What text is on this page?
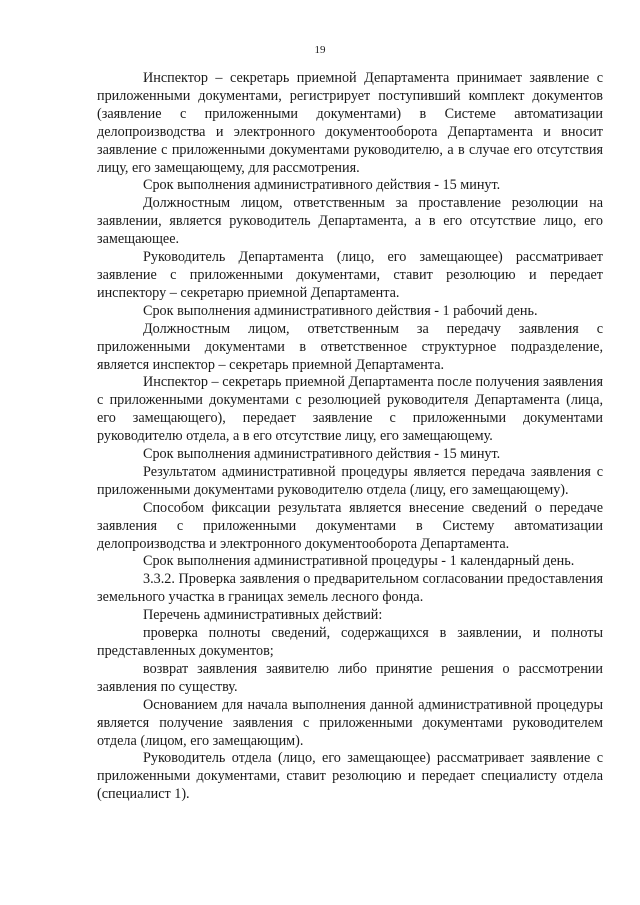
19

Инспектор – секретарь приемной Департамента принимает заявление с приложенными документами, регистрирует поступивший комплект документов (заявление с приложенными документами) в Системе автоматизации делопроизводства и электронного документооборота Департамента и вносит заявление с приложенными документами руководителю, а в случае его отсутствия лицу, его замещающему, для рассмотрения.

Срок выполнения административного действия - 15 минут.

Должностным лицом, ответственным за проставление резолюции на заявлении, является руководитель Департамента, а в его отсутствие лицо, его замещающее.

Руководитель Департамента (лицо, его замещающее) рассматривает заявление с приложенными документами, ставит резолюцию и передает инспектору – секретарю приемной Департамента.

Срок выполнения административного действия - 1 рабочий день.

Должностным лицом, ответственным за передачу заявления с приложенными документами в ответственное структурное подразделение, является инспектор – секретарь приемной Департамента.

Инспектор – секретарь приемной Департамента после получения заявления с приложенными документами с резолюцией руководителя Департамента (лица, его замещающего), передает заявление с приложенными документами руководителю отдела, а в его отсутствие лицу, его замещающему.

Срок выполнения административного действия - 15 минут.

Результатом административной процедуры является передача заявления с приложенными документами руководителю отдела (лицу, его замещающему).

Способом фиксации результата является внесение сведений о передаче заявления с приложенными документами в Систему автоматизации делопроизводства и электронного документооборота Департамента.

Срок выполнения административной процедуры - 1 календарный день.

3.3.2. Проверка заявления о предварительном согласовании предоставления земельного участка в границах земель лесного фонда.

Перечень административных действий:

проверка полноты сведений, содержащихся в заявлении, и полноты представленных документов;

возврат заявления заявителю либо принятие решения о рассмотрении заявления по существу.

Основанием для начала выполнения данной административной процедуры является получение заявления с приложенными документами руководителем отдела (лицом, его замещающим).

Руководитель отдела (лицо, его замещающее) рассматривает заявление с приложенными документами, ставит резолюцию и передает специалисту отдела (специалист 1).
